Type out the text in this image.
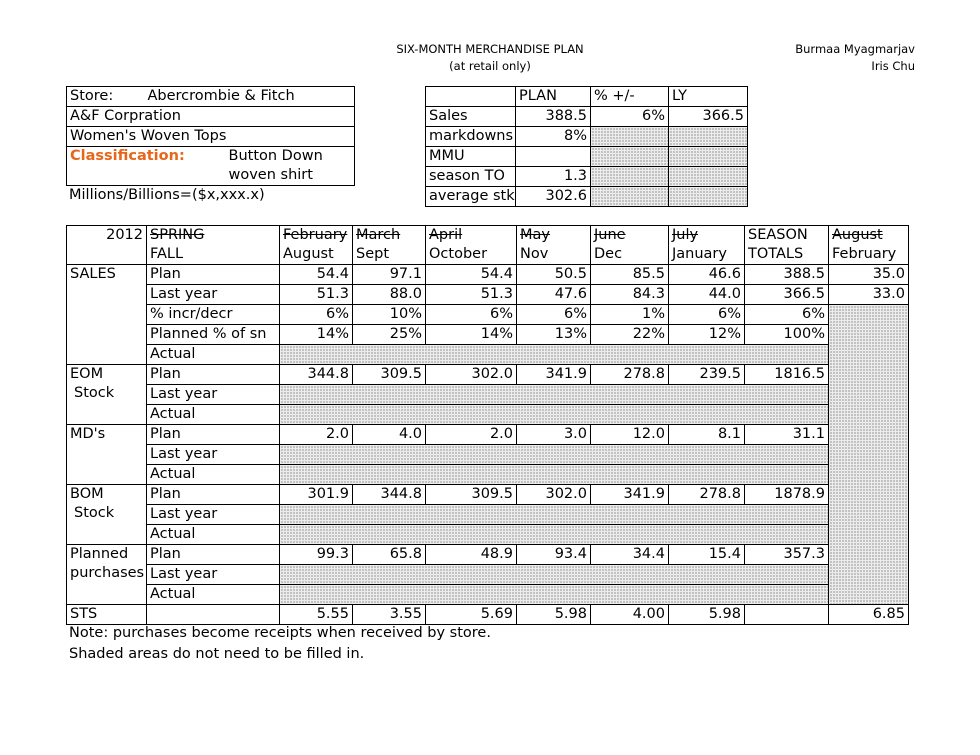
SIX-MONTH MERCHANDISE PLAN
(at retail only)
Burmaa Myagmarjav
Iris Chu
Store:	Abercrombie & Fitch
A&F Corpration
Women's Woven Tops
Classification:	Button Down

woven shirt

Millions/Billions=($x,xxx.x)
	PLAN	% +/-	LY
Sales	388.5	6%	366.5
markdowns	8%		
MMU			
season TO	1.3		
average stk	302.6		
2012	SPRING	February	March	April	May	June	July	SEASON	August
	FALL	August	Sept	October	Nov	Dec	January	TOTALS	February
SALES	Plan	54.4	97.1	54.4	50.5	85.5	46.6	388.5	35.0
	Last year	51.3	88.0	51.3	47.6	84.3	44.0	366.5	33.0
	% incr/decr	6%	10%	6%	6%	1%	6%	6%	
	Planned % of sn	14%	25%	14%	13%	22%	12%	100%	
	Actual								

EOM
Stock	Plan	344.8	309.5	302.0	341.9	278.8	239.5	1816.5	
	Last year								
	Actual								
MD's	Plan	2.0	4.0	2.0	3.0	12.0	8.1	31.1	
	Last year								
	Actual								

BOM
Stock	Plan	301.9	344.8	309.5	302.0	341.9	278.8	1878.9	
	Last year								
	Actual								

Planned
purchases	Plan	99.3	65.8	48.9	93.4	34.4	15.4	357.3	
	Last year								
	Actual								
STS		5.55	3.55	5.69	5.98	4.00	5.98		6.85
Note: purchases become receipts when received by store.
Shaded areas do not need to be filled in.
